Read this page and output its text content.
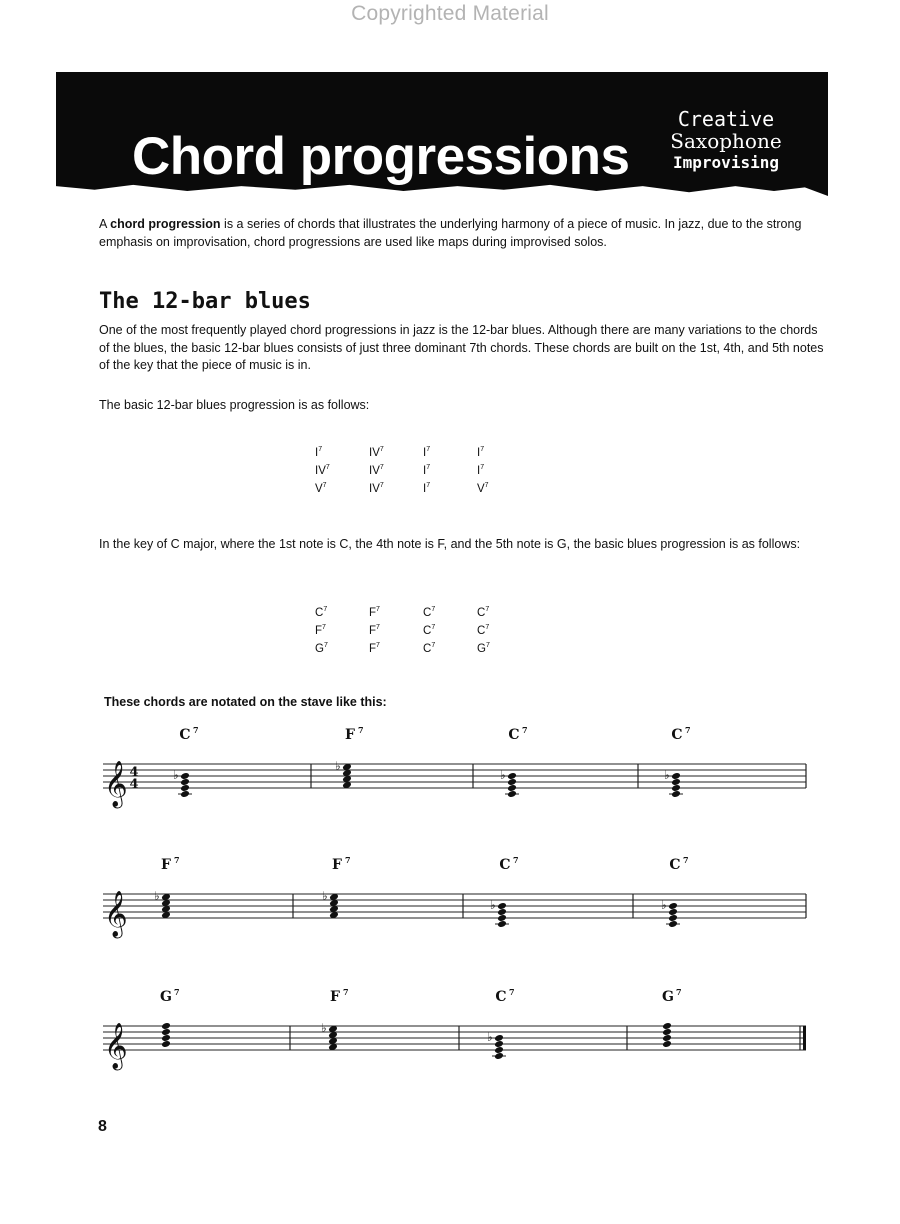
Copyrighted Material
Chord progressions
Creative
Saxophone
Improvising
A chord progression is a series of chords that illustrates the underlying harmony of a piece of music. In jazz, due to the strong emphasis on improvisation, chord progressions are used like maps during improvised solos.
The 12-bar blues
One of the most frequently played chord progressions in jazz is the 12-bar blues. Although there are many variations to the chords of the blues, the basic 12-bar blues consists of just three dominant 7th chords. These chords are built on the 1st, 4th, and 5th notes of the key that the piece of music is in.
The basic 12-bar blues progression is as follows:
$I^7$	$IV^7$	$I^7$	$I^7$
$IV^7$	$IV^7$	$I^7$	$I^7$
$V^7$	$IV^7$	$I^7$	$V^7$
In the key of C major, where the 1st note is C, the 4th note is F, and the 5th note is G, the basic blues progression is as follows:
$C^7$	$F^7$	$C^7$	$C^7$
$F^7$	$F^7$	$C^7$	$C^7$
$G^7$	$F^7$	$C^7$	$G^7$
These chords are notated on the stave like this:
𝄞 4
4
C 7
♭
F 7
♭
C 7
♭
C 7
♭
𝄞
F 7
♭
F 7
♭
C 7
♭
C 7
♭
𝄞
G 7	F 7
♭
C 7
♭
G 7
8
